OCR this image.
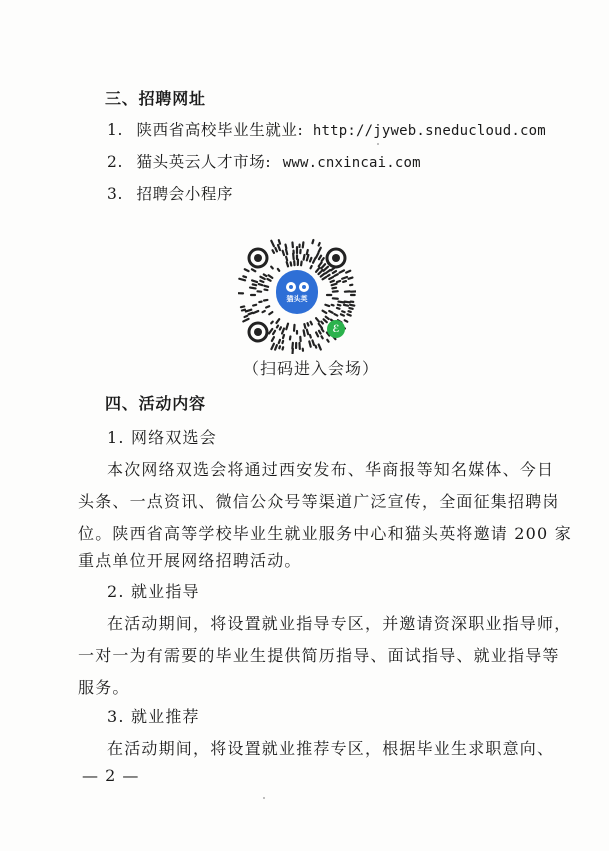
三、招聘网址
1. 陕西省高校毕业生就业: http://jyweb.sneducloud.com
2. 猫头英云人才市场: www.cnxincai.com
3. 招聘会小程序
猫头英
ℰ
（扫码进入会场）
四、活动内容
1. 网络双选会
本次网络双选会将通过西安发布、华商报等知名媒体、今日
头条、一点资讯、微信公众号等渠道广泛宣传，全面征集招聘岗
位。陕西省高等学校毕业生就业服务中心和猫头英将邀请 200 家
重点单位开展网络招聘活动。
2. 就业指导
在活动期间，将设置就业指导专区，并邀请资深职业指导师，
一对一为有需要的毕业生提供简历指导、面试指导、就业指导等
服务。
3. 就业推荐
在活动期间，将设置就业推荐专区，根据毕业生求职意向、
— 2 —
